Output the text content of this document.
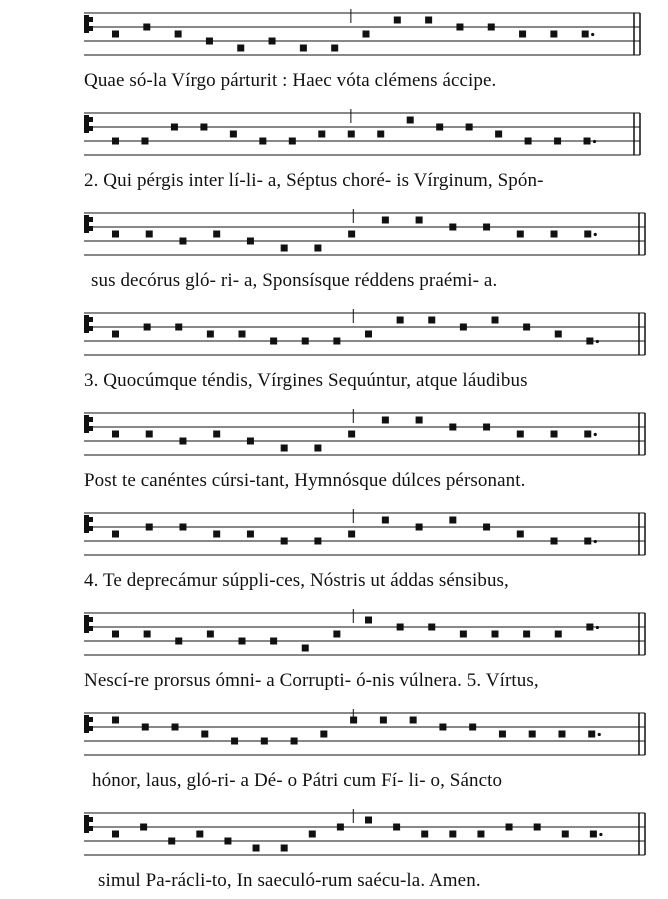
Quae só-la Vírgo párturit : Haec vóta clémens áccipe.
2. Qui pérgis inter lí-li- a, Séptus choré- is Vírginum, Spón-
sus decórus gló- ri- a, Sponsísque réddens praémi- a.
3. Quocúmque téndis, Vírgines Sequúntur, atque láudibus
Post te canéntes cúrsi-tant, Hymnósque dúlces pérsonant.
4. Te deprecámur súppli-ces, Nóstris ut áddas sénsibus,
Nescí-re prorsus ómni- a Corrupti- ó-nis vúlnera. 5. Vírtus,
hónor, laus, gló-ri- a Dé- o Pátri cum Fí- li- o, Sáncto
simul Pa-rácli-to, In saeculó-rum saécu-la. Amen.
